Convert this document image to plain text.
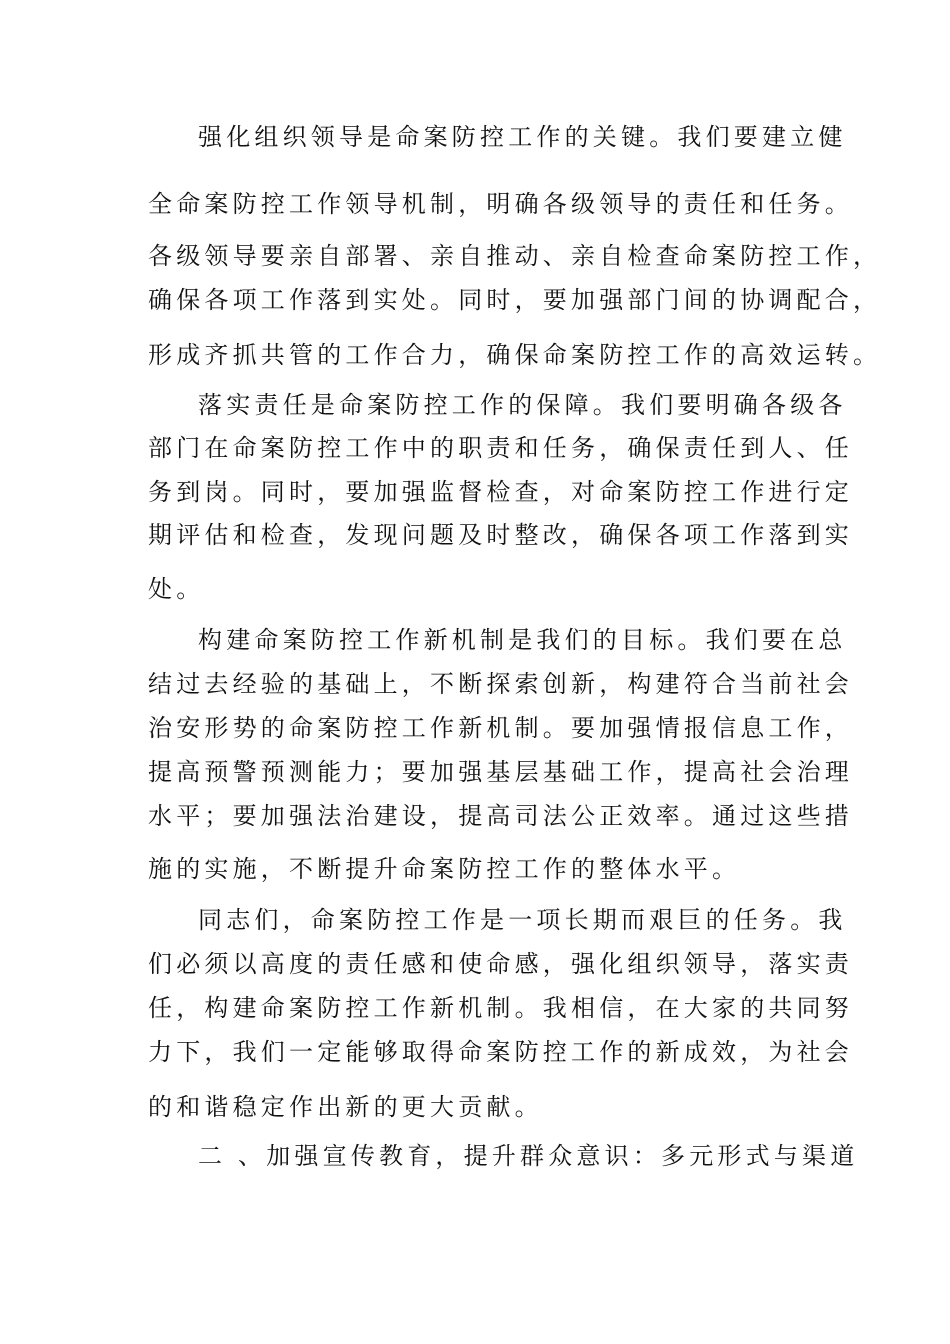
强化组织领导是命案防控工作的关键。我们要建立健
全命案防控工作领导机制，明确各级领导的责任和任务。
各级领导要亲自部署、亲自推动、亲自检查命案防控工作，
确保各项工作落到实处。同时，要加强部门间的协调配合，
形成齐抓共管的工作合力，确保命案防控工作的高效运转。
落实责任是命案防控工作的保障。我们要明确各级各
部门在命案防控工作中的职责和任务，确保责任到人、任
务到岗。同时，要加强监督检查，对命案防控工作进行定
期评估和检查，发现问题及时整改，确保各项工作落到实
处。
构建命案防控工作新机制是我们的目标。我们要在总
结过去经验的基础上，不断探索创新，构建符合当前社会
治安形势的命案防控工作新机制。要加强情报信息工作，
提高预警预测能力；要加强基层基础工作，提高社会治理
水平；要加强法治建设，提高司法公正效率。通过这些措
施的实施，不断提升命案防控工作的整体水平。
同志们，命案防控工作是一项长期而艰巨的任务。我
们必须以高度的责任感和使命感，强化组织领导，落实责
任，构建命案防控工作新机制。我相信，在大家的共同努
力下，我们一定能够取得命案防控工作的新成效，为社会
的和谐稳定作出新的更大贡献。
二 、加强宣传教育，提升群众意识：多元形式与渠道
